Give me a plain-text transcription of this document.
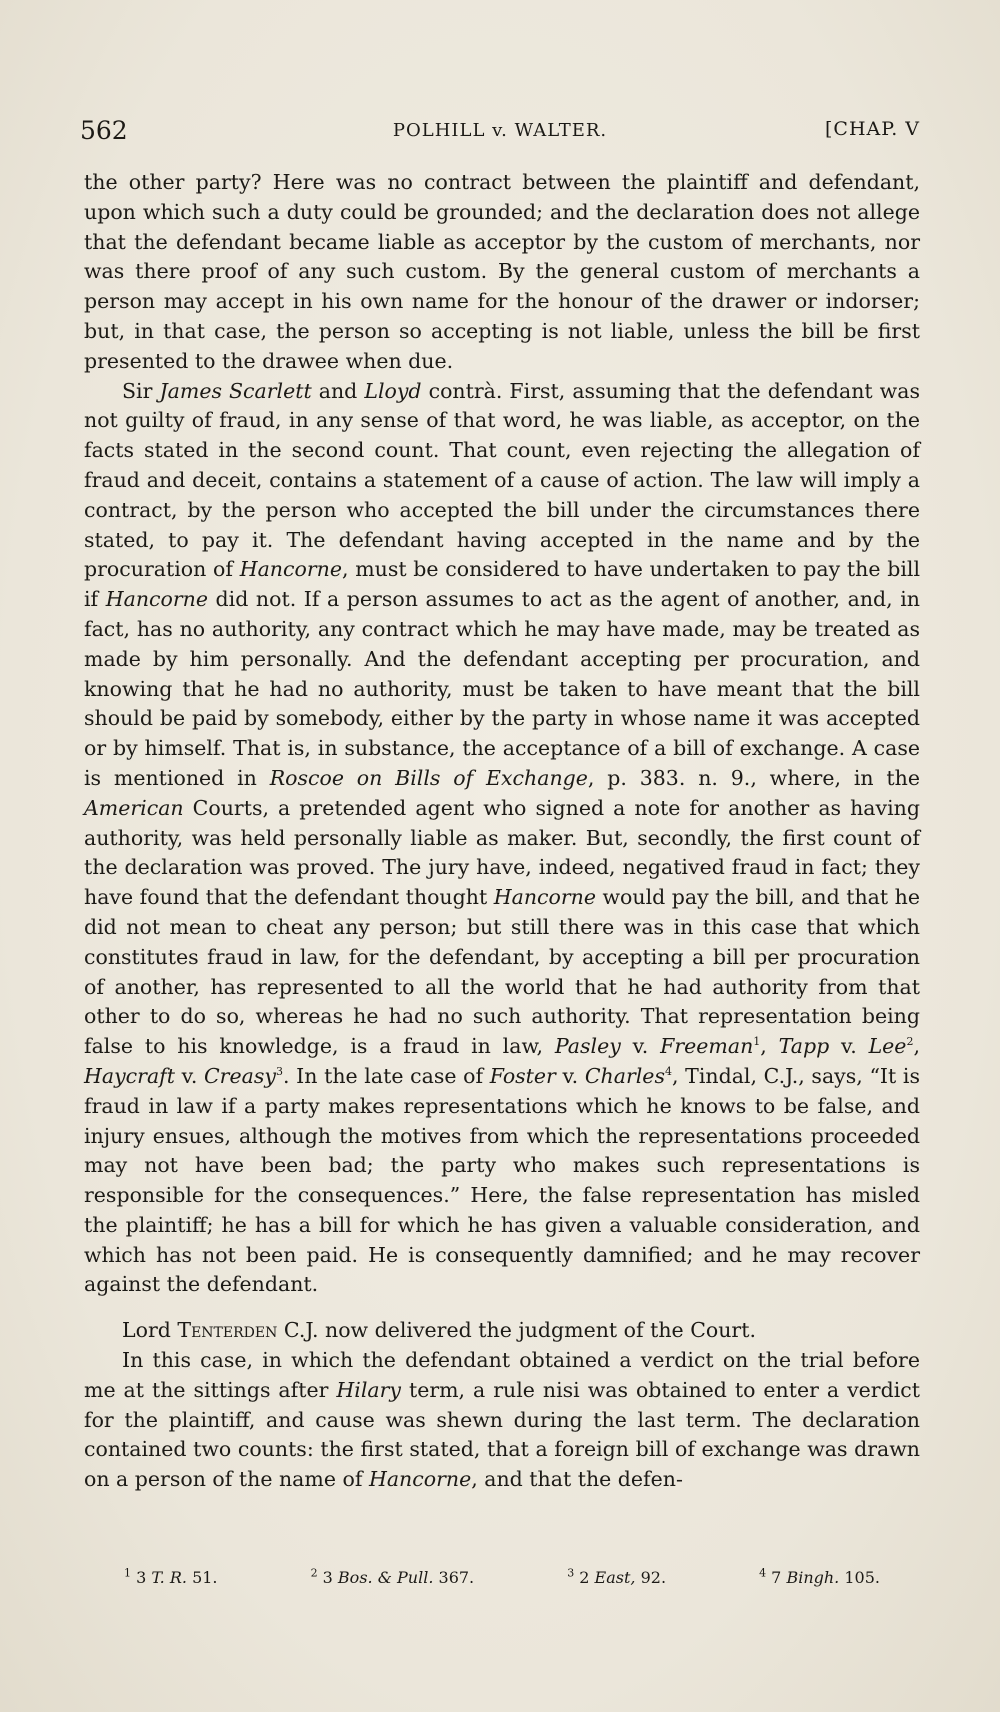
562	POLHILL v. WALTER.	[CHAP. V

the other party? Here was no contract between the plaintiff and defendant, upon which such a duty could be grounded; and the declaration does not allege that the defendant became liable as acceptor by the custom of merchants, nor was there proof of any such custom. By the general custom of merchants a person may accept in his own name for the honour of the drawer or indorser; but, in that case, the person so accepting is not liable, unless the bill be first presented to the drawee when due.

Sir James Scarlett and Lloyd contrà. First, assuming that the defendant was not guilty of fraud, in any sense of that word, he was liable, as acceptor, on the facts stated in the second count. That count, even rejecting the allegation of fraud and deceit, contains a statement of a cause of action. The law will imply a contract, by the person who accepted the bill under the circumstances there stated, to pay it. The defendant having accepted in the name and by the procuration of Hancorne, must be considered to have undertaken to pay the bill if Hancorne did not. If a person assumes to act as the agent of another, and, in fact, has no authority, any contract which he may have made, may be treated as made by him personally. And the defendant accepting per procuration, and knowing that he had no authority, must be taken to have meant that the bill should be paid by somebody, either by the party in whose name it was accepted or by himself. That is, in substance, the acceptance of a bill of exchange. A case is mentioned in Roscoe on Bills of Exchange, p. 383. n. 9., where, in the American Courts, a pretended agent who signed a note for another as having authority, was held personally liable as maker. But, secondly, the first count of the declaration was proved. The jury have, indeed, negatived fraud in fact; they have found that the defendant thought Hancorne would pay the bill, and that he did not mean to cheat any person; but still there was in this case that which constitutes fraud in law, for the defendant, by accepting a bill per procuration of another, has represented to all the world that he had authority from that other to do so, whereas he had no such authority. That representation being false to his knowledge, is a fraud in law, Pasley v. Freeman$^1$, Tapp v. Lee$^2$, Haycraft v. Creasy$^3$. In the late case of Foster v. Charles$^4$, Tindal, C.J., says, “It is fraud in law if a party makes representations which he knows to be false, and injury ensues, although the motives from which the representations proceeded may not have been bad; the party who makes such representations is responsible for the consequences.” Here, the false representation has misled the plaintiff; he has a bill for which he has given a valuable consideration, and which has not been paid. He is consequently damnified; and he may recover against the defendant.

Lord Tenterden C.J. now delivered the judgment of the Court.

In this case, in which the defendant obtained a verdict on the trial before me at the sittings after Hilary term, a rule nisi was obtained to enter a verdict for the plaintiff, and cause was shewn during the last term. The declaration contained two counts: the first stated, that a foreign bill of exchange was drawn on a person of the name of Hancorne, and that the defen-

$^1$ 3 T. R. 51.	$^2$ 3 Bos. & Pull. 367.	$^3$ 2 East, 92.	$^4$ 7 Bingh. 105.
